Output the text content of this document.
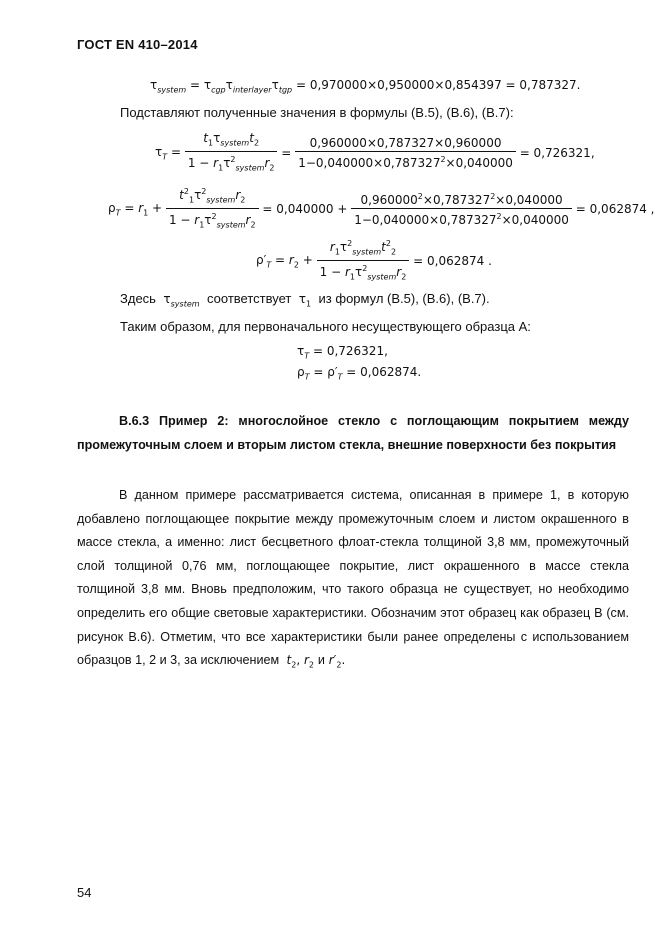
ГОСТ EN 410–2014
$\tau_{system} = \tau_{cgp}\tau_{interlayer}\tau_{tgp} = 0,970000\times 0,950000\times 0,854397 = 0,787327$.
Подставляют полученные значения в формулы (В.5), (В.6), (В.7):
$\tau_T = \frac{t_1\tau_{system}t_2}{1 - r_1\tau^2_{system}r_2} = \frac{0,960000\times 0,787327\times 0,960000}{1-0,040000\times 0,787327^2\times 0,040000} = 0,726321$,
$\rho_T = r_1 + \frac{t^2_1\tau^2_{system}r_2}{1 - r_1\tau^2_{system}r_2} = 0,040000 + \frac{0,960000^2\times 0,787327^2\times 0,040000}{1-0,040000\times 0,787327^2\times 0,040000} = 0,062874$ ,
$\rho'_T = r_2 + \frac{r_1\tau^2_{system}t^2_2}{1 - r_1\tau^2_{system}r_2} = 0,062874$ .
Здесь  $\tau_{system}$ соответствует  $\tau_1$ из формул (В.5), (В.6), (В.7).
Таким образом, для первоначального несуществующего образца А:
$\tau_T = 0,726321$,
$\rho_T = \rho'_T = 0,062874$.
В.6.3 Пример 2: многослойное стекло с поглощающим покрытием между промежуточным слоем и вторым листом стекла, внешние поверхности без покрытия
В данном примере рассматривается система, описанная в примере 1, в которую добавлено поглощающее покрытие между промежуточным слоем и листом окрашенного в массе стекла, а именно: лист бесцветного флоат-стекла толщиной 3,8 мм, промежуточный слой толщиной 0,76 мм, поглощающее покрытие, лист окрашенного в массе стекла толщиной 3,8 мм. Вновь предположим, что такого образца не существует, но необходимо определить его общие световые характеристики. Обозначим этот образец как образец В (см. рисунок В.6). Отметим, что все характеристики были ранее определены с использованием образцов 1, 2 и 3, за исключением $t_2$, $r_2$ и $r'_2$.
54
